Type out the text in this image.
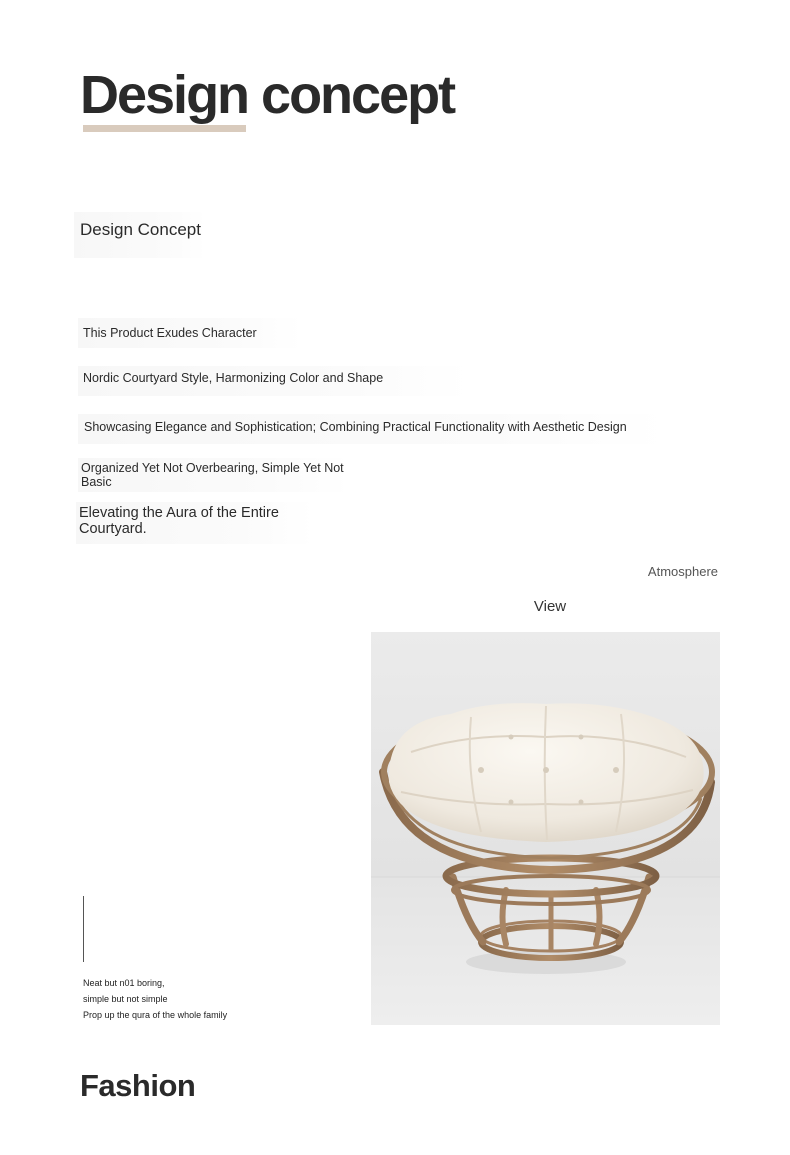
Design concept
Design Concept
This Product Exudes Character
Nordic Courtyard Style, Harmonizing Color and Shape
Showcasing Elegance and Sophistication; Combining Practical Functionality with Aesthetic Design
Organized Yet Not Overbearing, Simple Yet Not Basic
Elevating the Aura of the Entire Courtyard.
Atmosphere
View
Neat but n01 boring,
simple but not simple
Prop up the qura of the whole family
Fashion
